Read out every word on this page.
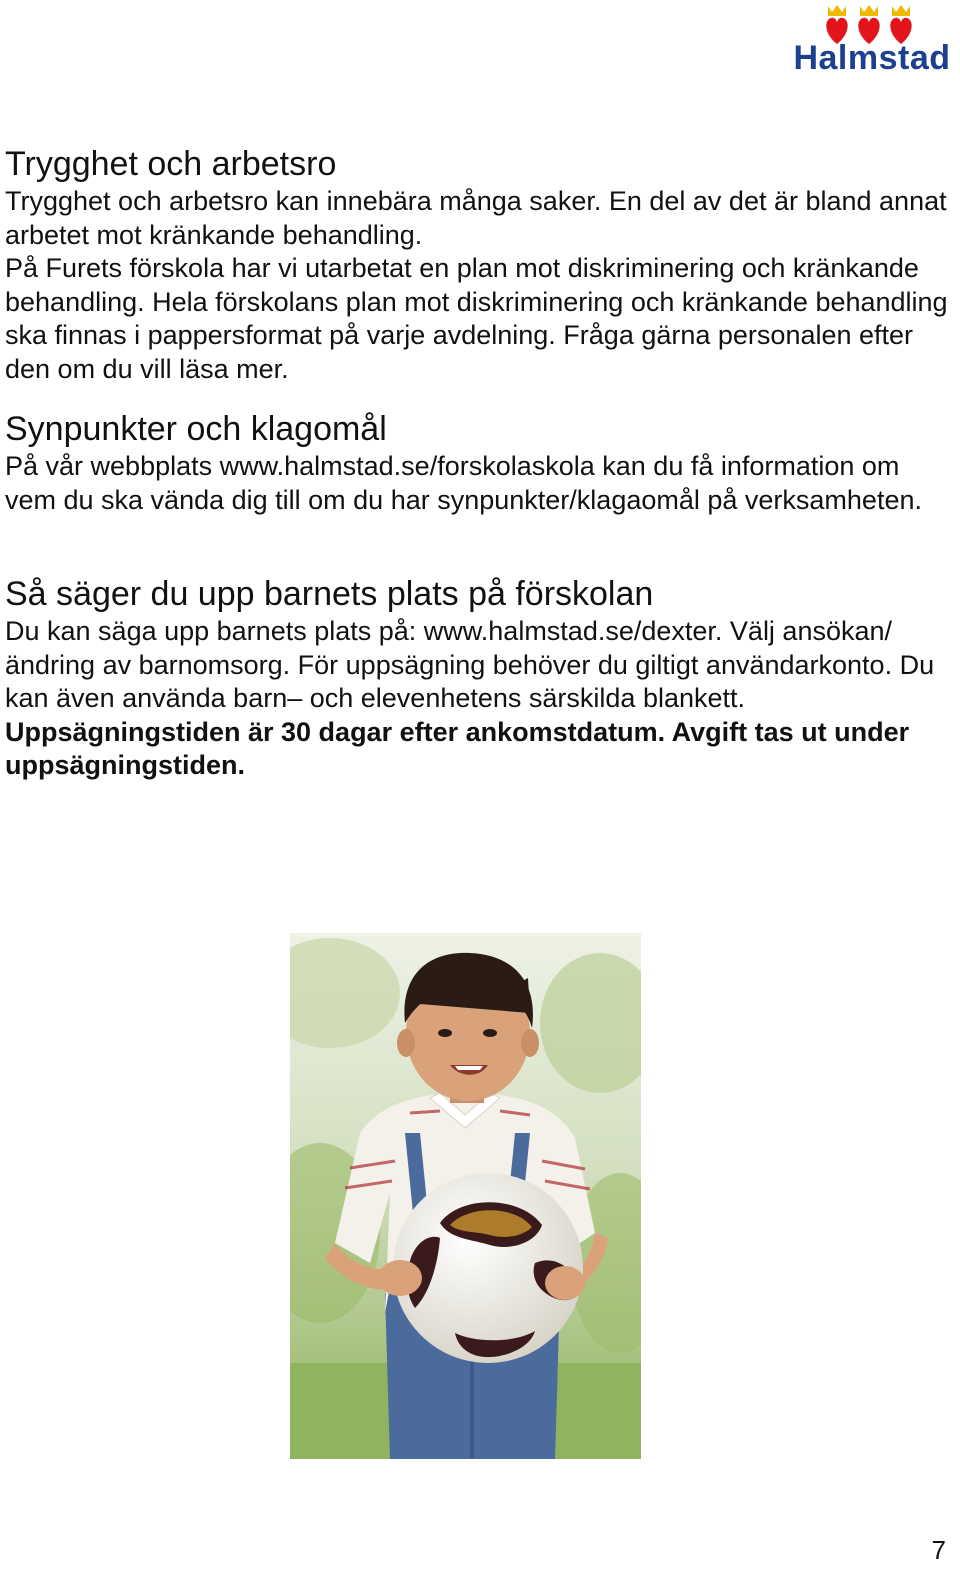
Halmstad
Trygghet och arbetsro

Trygghet och arbetsro kan innebära många saker. En del av det är bland annat arbetet mot kränkande behandling.

På Furets förskola har vi utarbetat en plan mot diskriminering och kränkande behandling. Hela förskolans plan mot diskriminering och kränkande behandling ska finnas i pappersformat på varje avdelning. Fråga gärna personalen efter den om du vill läsa mer.

Synpunkter och klagomål

På vår webbplats www.halmstad.se/forskolaskola kan du få information om vem du ska vända dig till om du har synpunkter/klagaomål på verksamheten.

Så säger du upp barnets plats på förskolan

Du kan säga upp barnets plats på: www.halmstad.se/dexter. Välj ansökan/ändring av barnomsorg. För uppsägning behöver du giltigt användarkonto. Du kan även använda barn– och elevenhetens särskilda blankett. Uppsägningstiden är 30 dagar efter ankomstdatum. Avgift tas ut under uppsägningstiden.

7
